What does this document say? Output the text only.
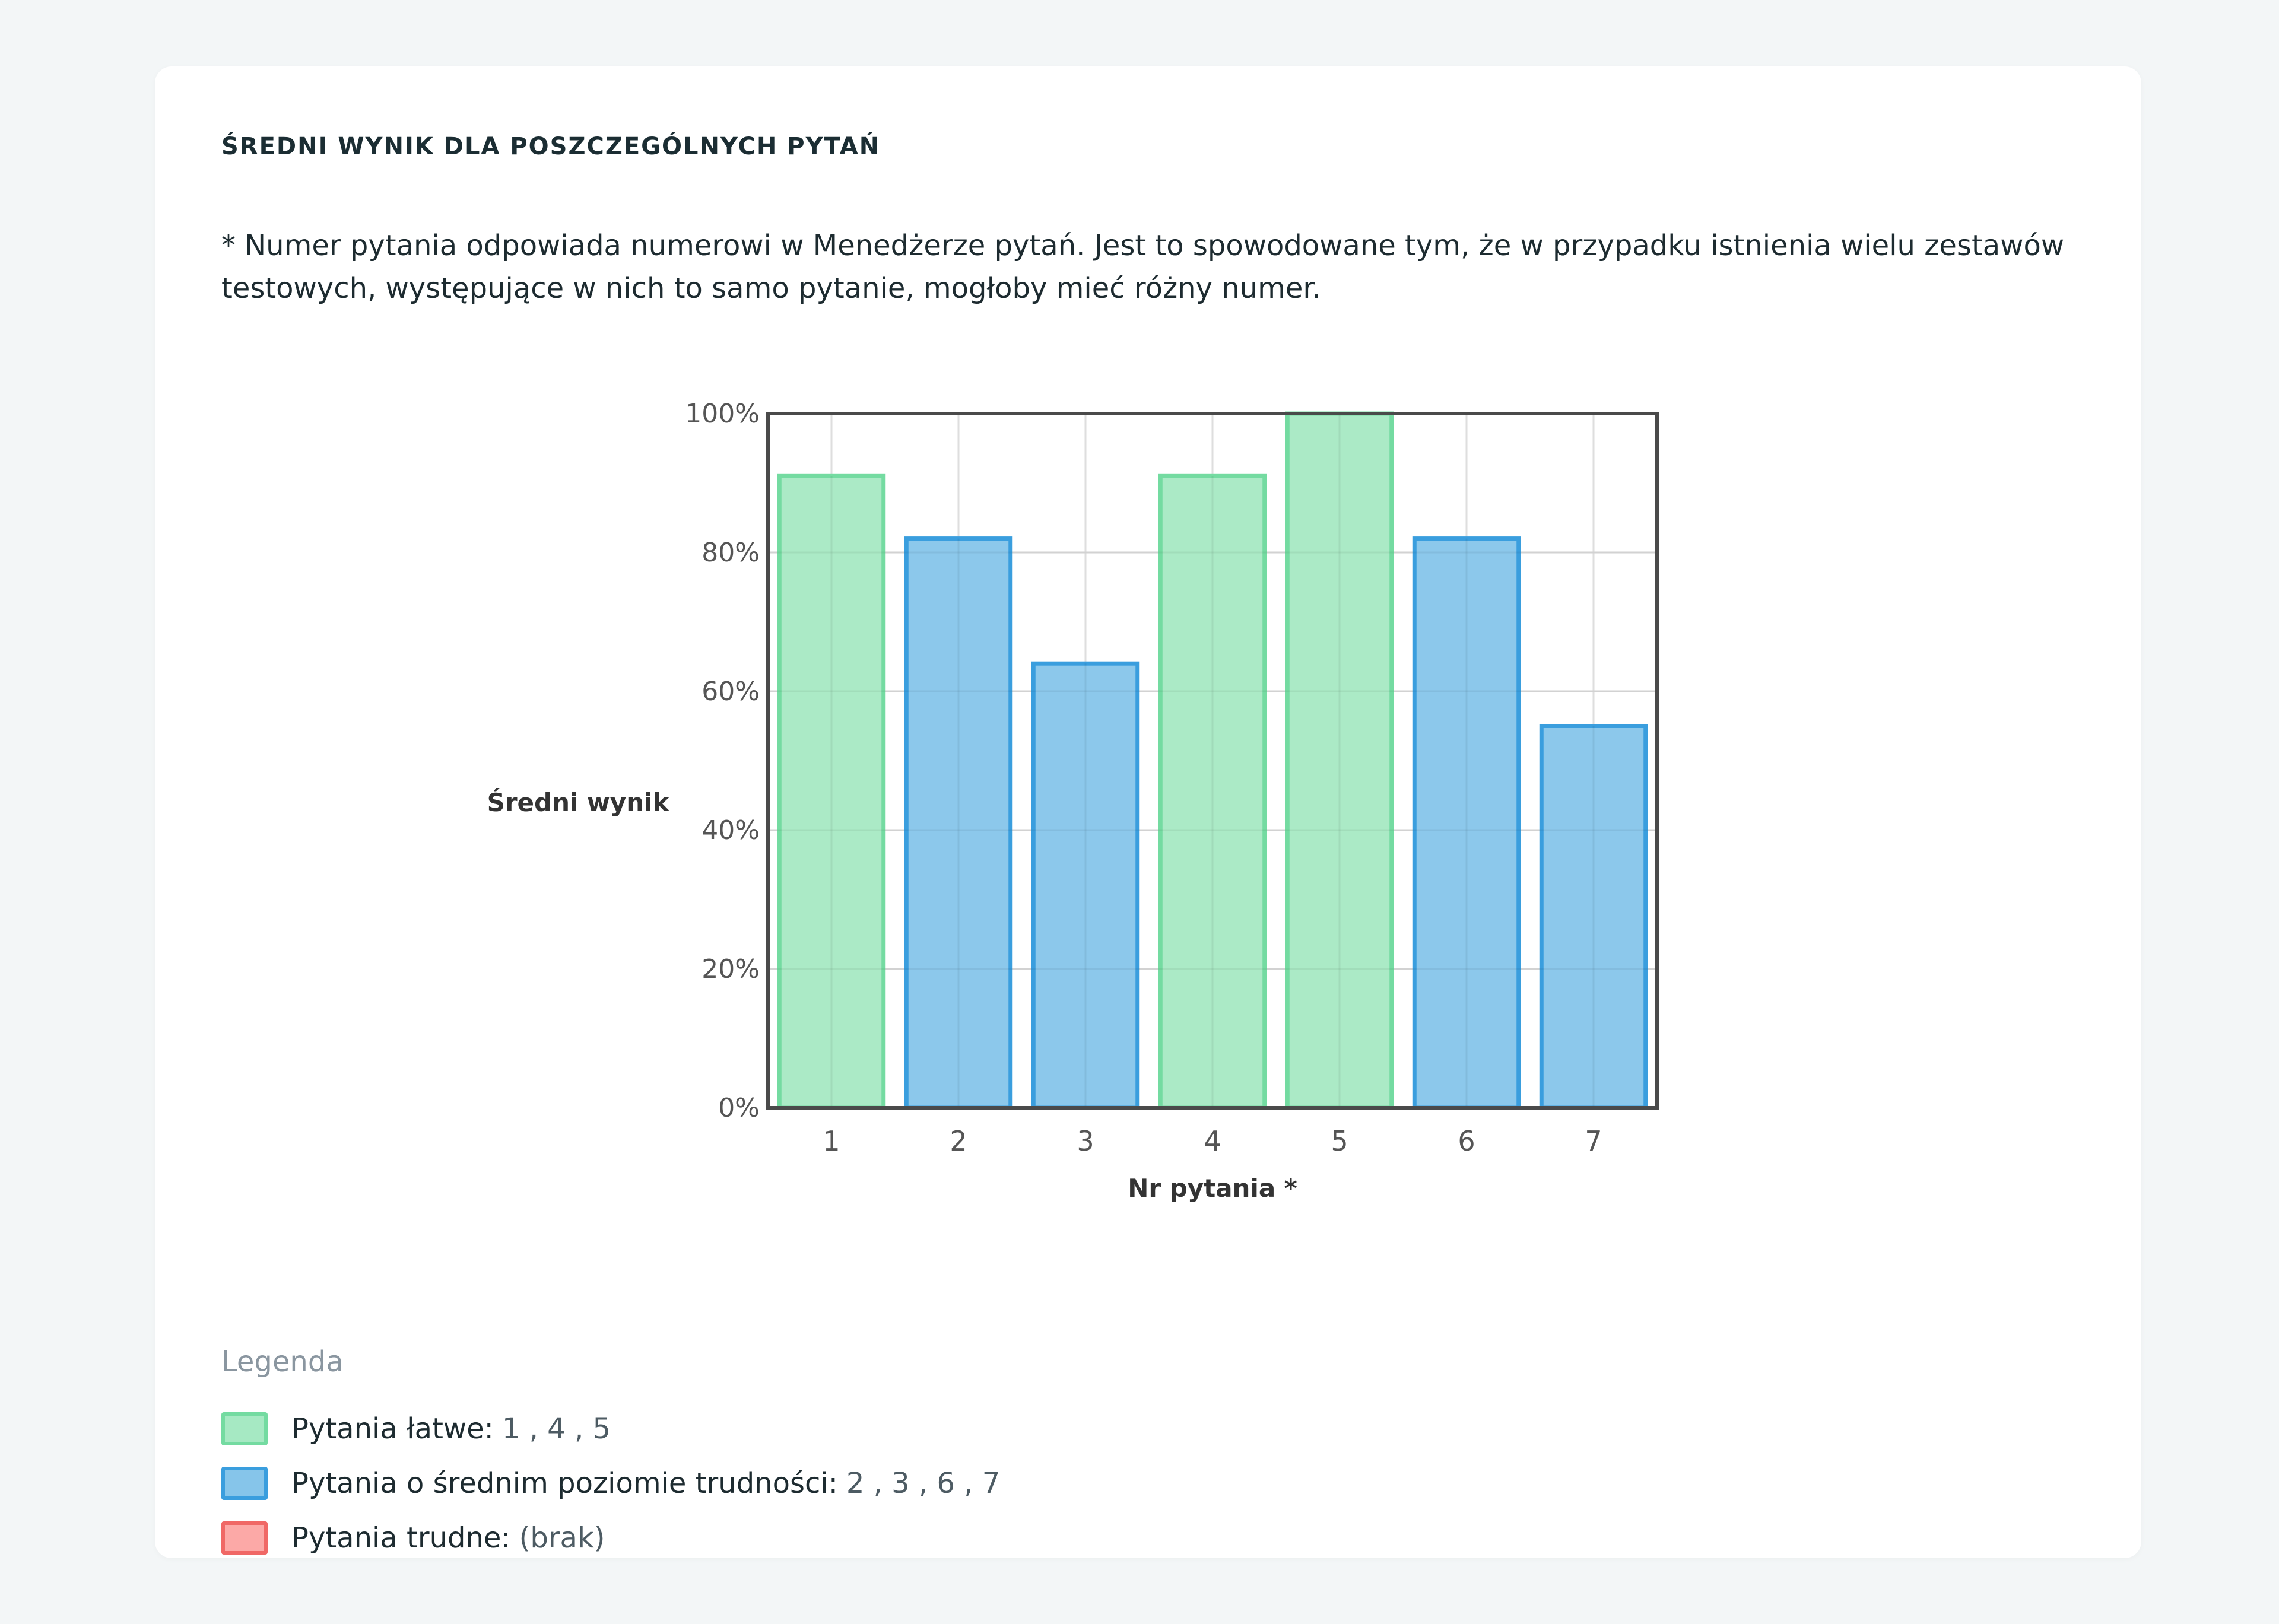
ŚREDNI WYNIK DLA POSZCZEGÓLNYCH PYTAŃ

* Numer pytania odpowiada numerowi w Menedżerze pytań. Jest to spowodowane tym, że w przypadku istnienia wielu zestawów testowych, występujące w nich to samo pytanie, mogłoby mieć różny numer.

0%
20%
40%
60%
80%
100%
1	2	3	4	5	6	7
Średni wynik
Nr pytania *
Legenda
Pytania łatwe: 1 , 4 , 5
Pytania o średnim poziomie trudności: 2 , 3 , 6 , 7
Pytania trudne: (brak)
